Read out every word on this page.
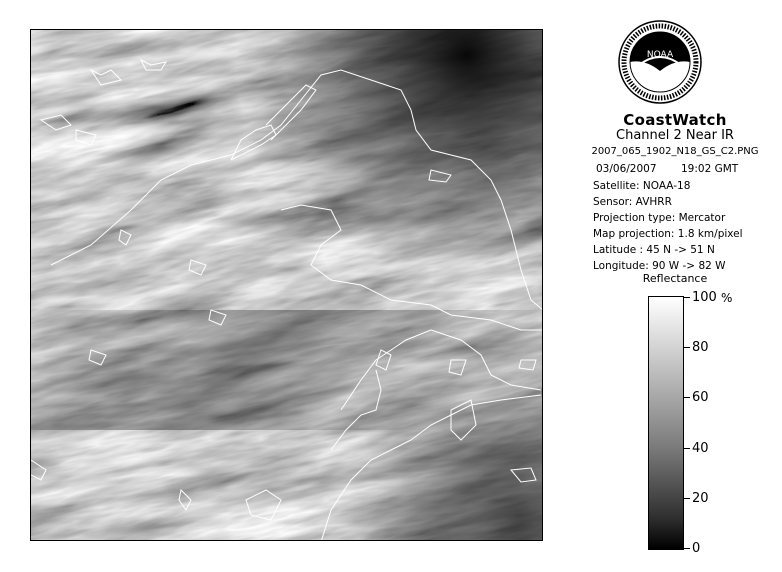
NOAA
CoastWatch
Channel 2 Near IR
2007_065_1902_N18_GS_C2.PNG
03/06/2007 19:02 GMT
Satellite: NOAA-18
Sensor: AVHRR
Projection type: Mercator
Map projection: 1.8 km/pixel
Latitude : 45 N -> 51 N
Longitude: 90 W -> 82 W
Reflectance
%
100
80
60
40
20
0
